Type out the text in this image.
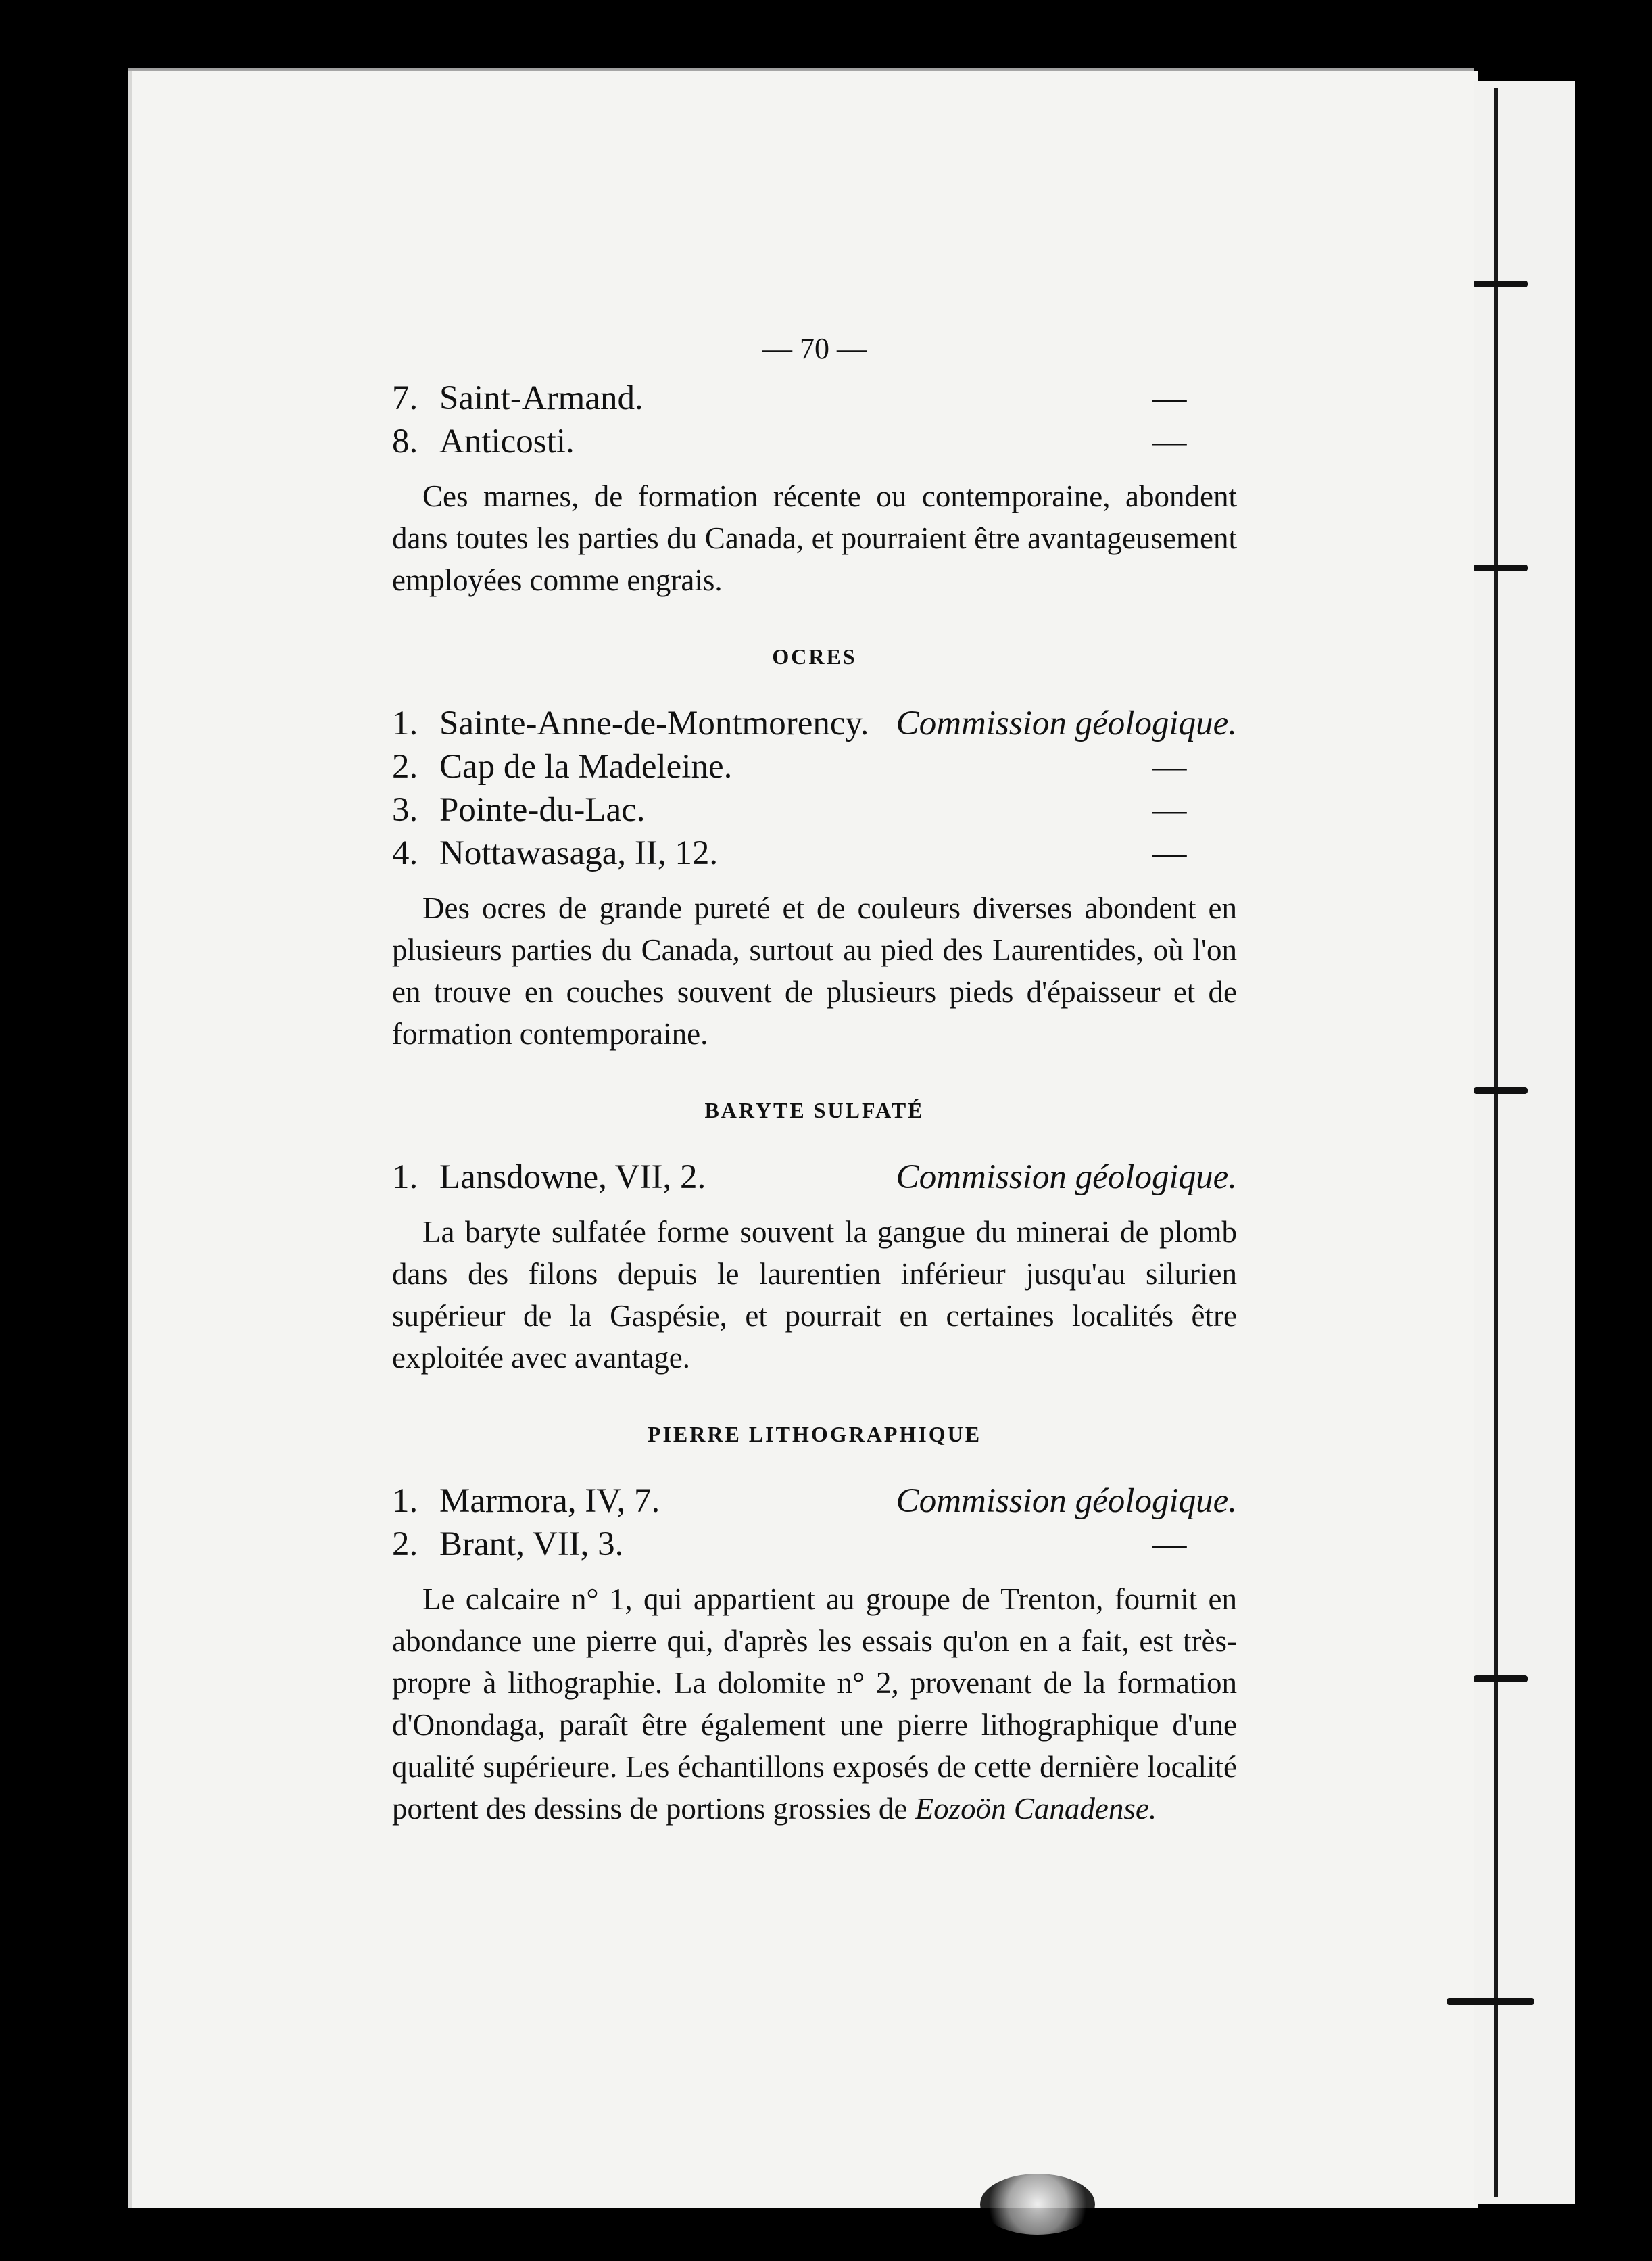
— 70 —
7. Saint-Armand.	—
8. Anticosti.	—

Ces marnes, de formation récente ou contemporaine, abondent dans toutes les parties du Canada, et pourraient être avantageusement employées comme engrais.

OCRES
1. Sainte-Anne-de-Montmorency. Commission géologique.
2. Cap de la Madeleine.	—
3. Pointe-du-Lac.	—
4. Nottawasaga, II, 12.	—

Des ocres de grande pureté et de couleurs diverses abondent en plusieurs parties du Canada, surtout au pied des Laurentides, où l'on en trouve en couches souvent de plusieurs pieds d'épaisseur et de formation contemporaine.

BARYTE SULFATÉ
1. Lansdowne, VII, 2.	Commission géologique.

La baryte sulfatée forme souvent la gangue du minerai de plomb dans des filons depuis le laurentien inférieur jusqu'au silurien supérieur de la Gaspésie, et pourrait en certaines localités être exploitée avec avantage.

PIERRE LITHOGRAPHIQUE
1. Marmora, IV, 7.	Commission géologique.
2. Brant, VII, 3.	—

Le calcaire n° 1, qui appartient au groupe de Trenton, fournit en abondance une pierre qui, d'après les essais qu'on en a fait, est très-propre à lithographie. La dolomite n° 2, provenant de la formation d'Onondaga, paraît être également une pierre lithographique d'une qualité supérieure. Les échantillons exposés de cette dernière localité portent des dessins de portions grossies de Eozoön Canadense.
